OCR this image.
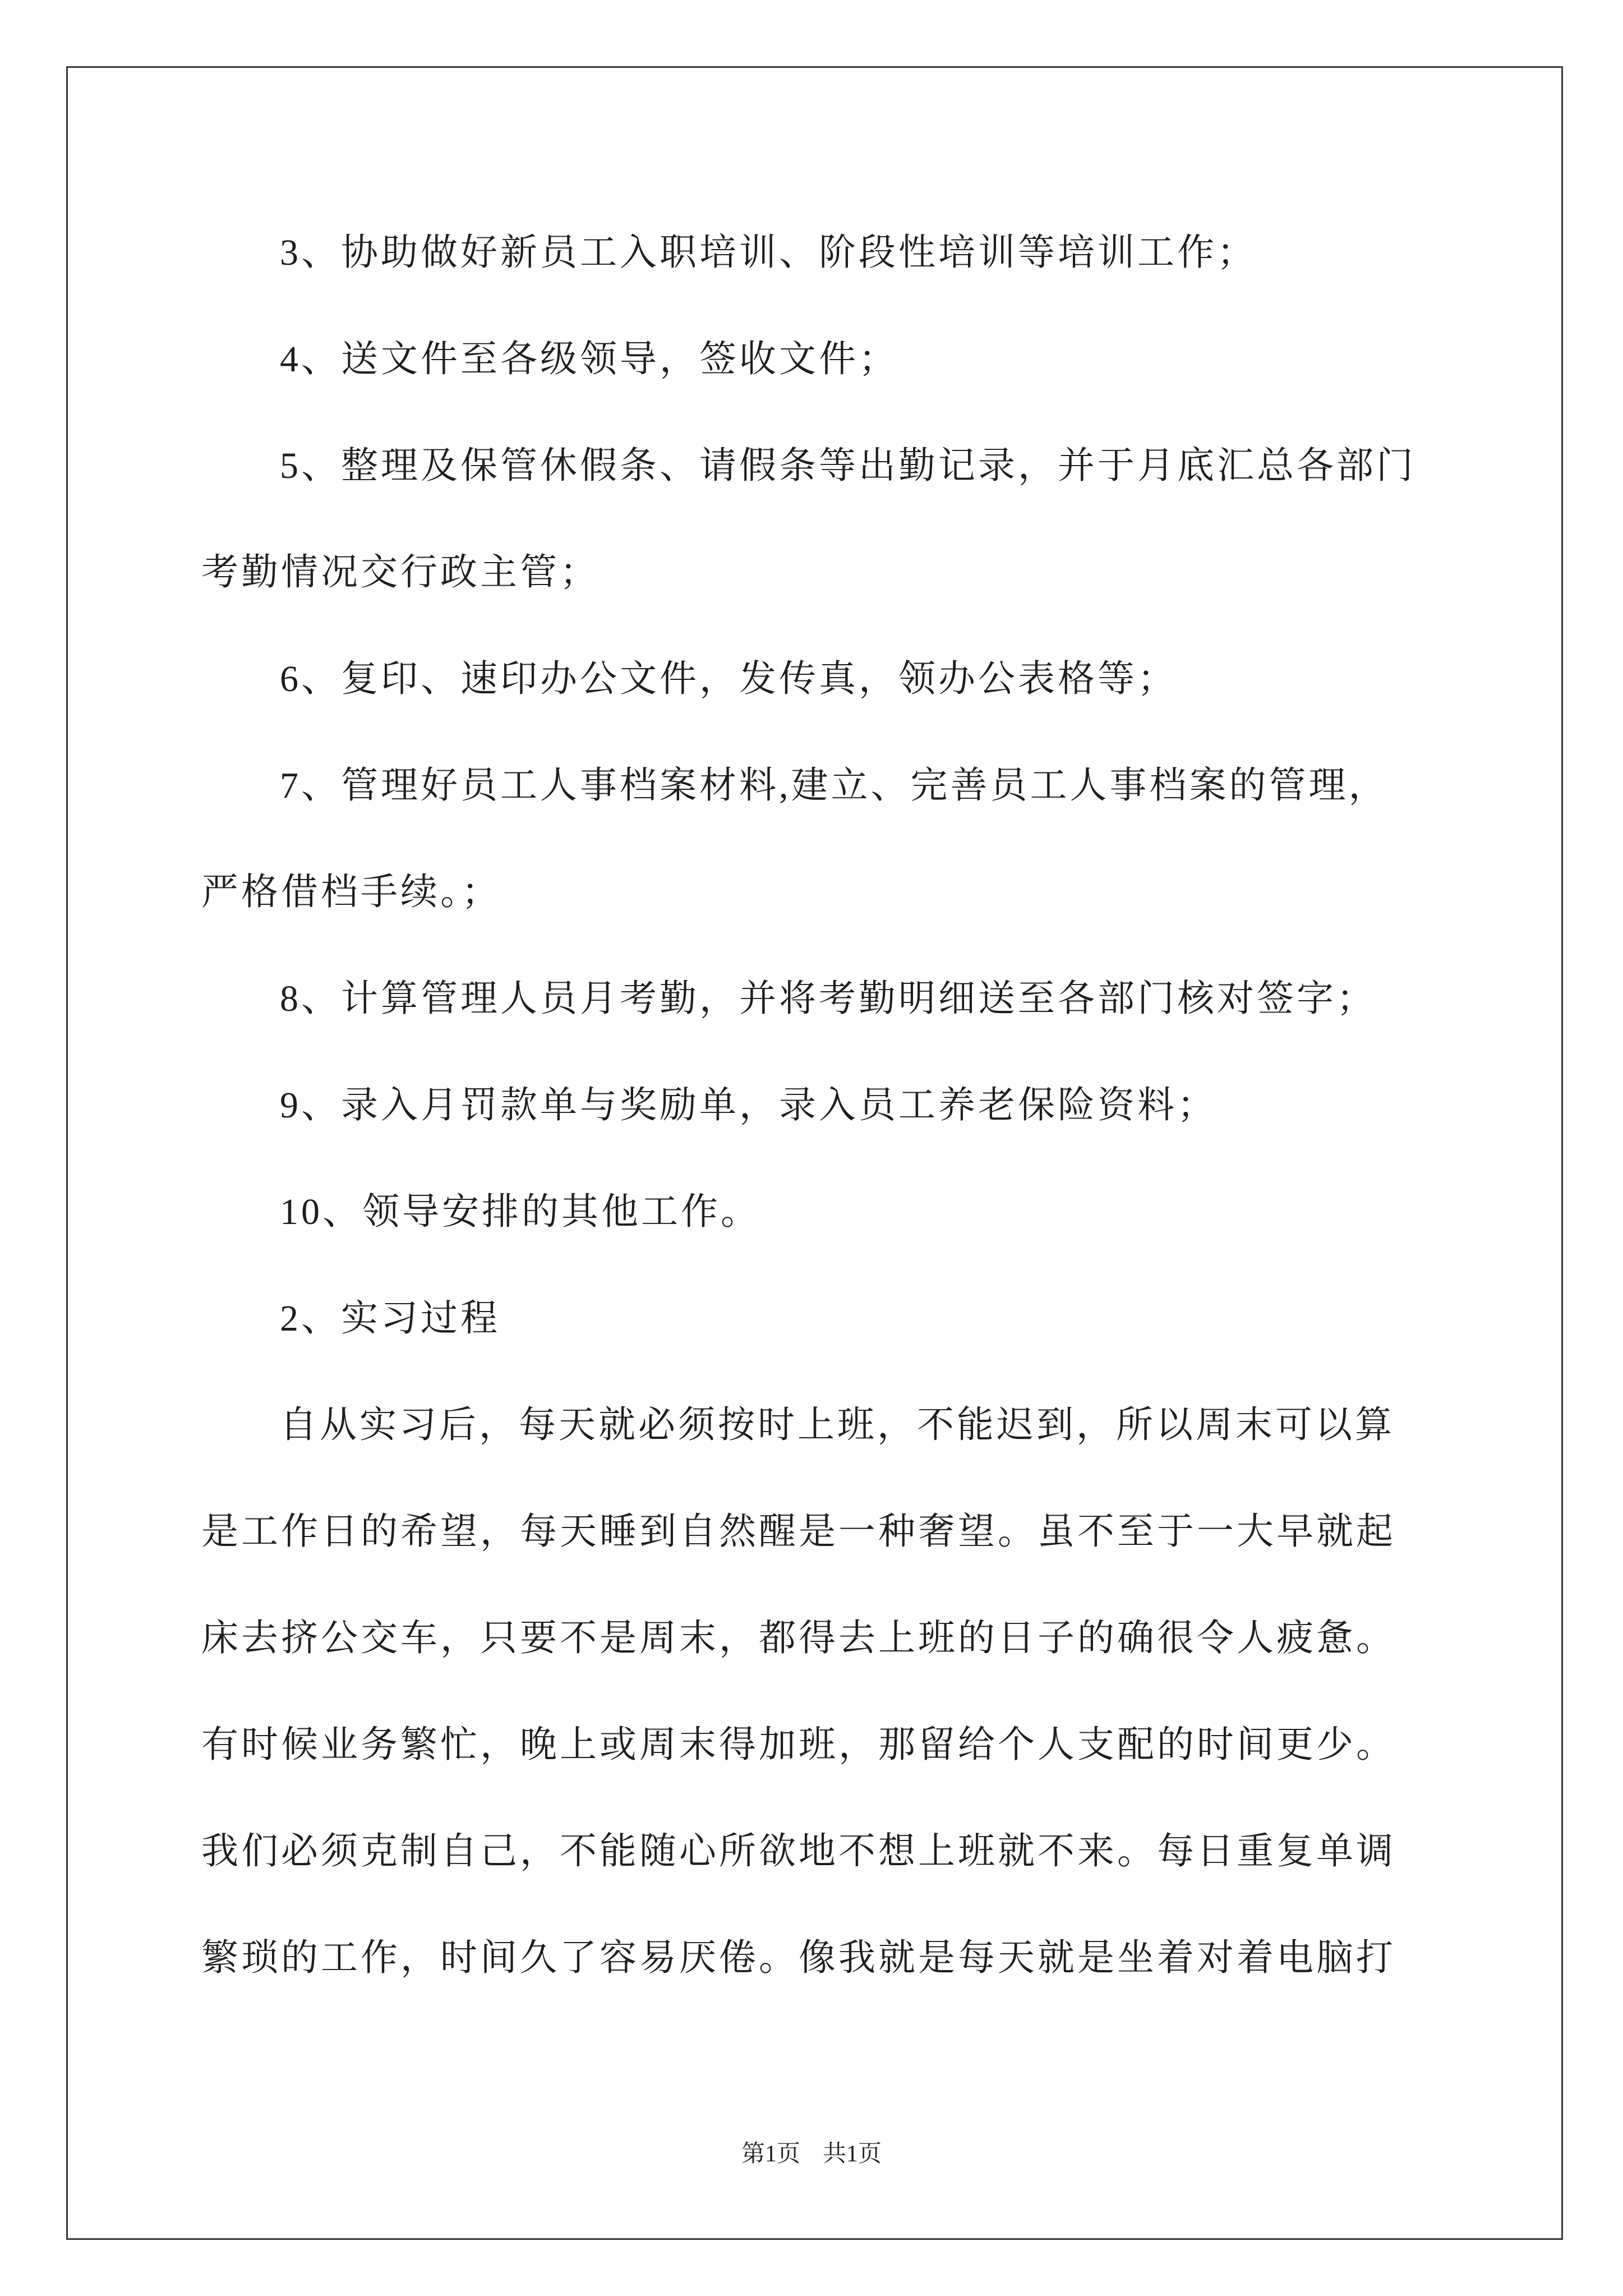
3、协助做好新员工入职培训、阶段性培训等培训工作；
4、送文件至各级领导，签收文件；
5、整理及保管休假条、请假条等出勤记录，并于月底汇总各部门
考勤情况交行政主管；
6、复印、速印办公文件，发传真，领办公表格等；
7、管理好员工人事档案材料,建立、完善员工人事档案的管理，
严格借档手续。；
8、计算管理人员月考勤，并将考勤明细送至各部门核对签字；
9、录入月罚款单与奖励单，录入员工养老保险资料；
10、领导安排的其他工作。
2、实习过程
自从实习后，每天就必须按时上班，不能迟到，所以周末可以算
是工作日的希望，每天睡到自然醒是一种奢望。虽不至于一大早就起
床去挤公交车，只要不是周末，都得去上班的日子的确很令人疲惫。
有时候业务繁忙，晚上或周末得加班，那留给个人支配的时间更少。
我们必须克制自己，不能随心所欲地不想上班就不来。每日重复单调
繁琐的工作，时间久了容易厌倦。像我就是每天就是坐着对着电脑打
第1页 共1页
